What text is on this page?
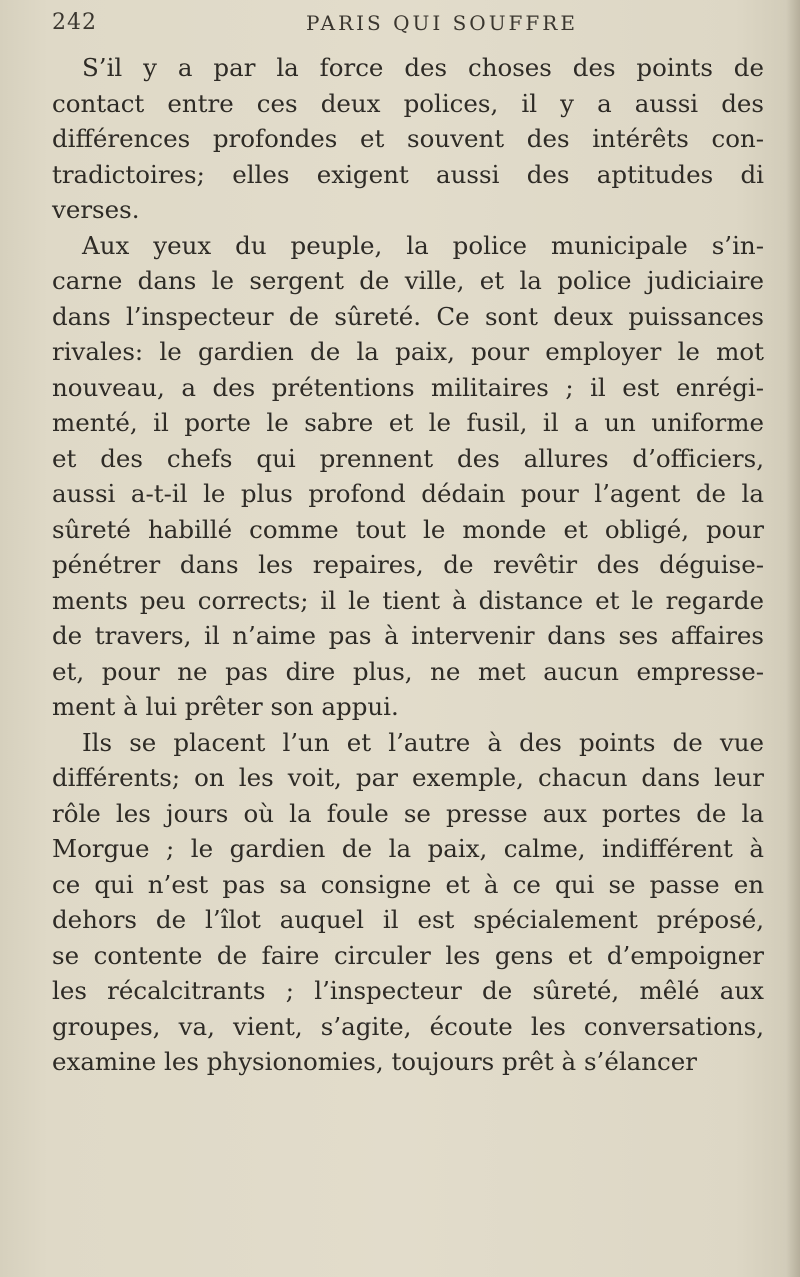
242	PARIS QUI SOUFFRE
S’il y a par la force des choses des points de
contact entre ces deux polices, il y a aussi des
différences profondes et souvent des intérêts con-
tradictoires; elles exigent aussi des aptitudes di
verses.
Aux yeux du peuple, la police municipale s’in-
carne dans le sergent de ville, et la police judiciaire
dans l’inspecteur de sûreté. Ce sont deux puissances
rivales: le gardien de la paix, pour employer le mot
nouveau, a des prétentions militaires ; il est enrégi-
menté, il porte le sabre et le fusil, il a un uniforme
et des chefs qui prennent des allures d’officiers,
aussi a-t-il le plus profond dédain pour l’agent de la
sûreté habillé comme tout le monde et obligé, pour
pénétrer dans les repaires, de revêtir des déguise-
ments peu corrects; il le tient à distance et le regarde
de travers, il n’aime pas à intervenir dans ses affaires
et, pour ne pas dire plus, ne met aucun empresse-
ment à lui prêter son appui.
Ils se placent l’un et l’autre à des points de vue
différents; on les voit, par exemple, chacun dans leur
rôle les jours où la foule se presse aux portes de la
Morgue ; le gardien de la paix, calme, indifférent à
ce qui n’est pas sa consigne et à ce qui se passe en
dehors de l’îlot auquel il est spécialement préposé,
se contente de faire circuler les gens et d’empoigner
les récalcitrants ; l’inspecteur de sûreté, mêlé aux
groupes, va, vient, s’agite, écoute les conversations,
examine les physionomies, toujours prêt à s’élancer
